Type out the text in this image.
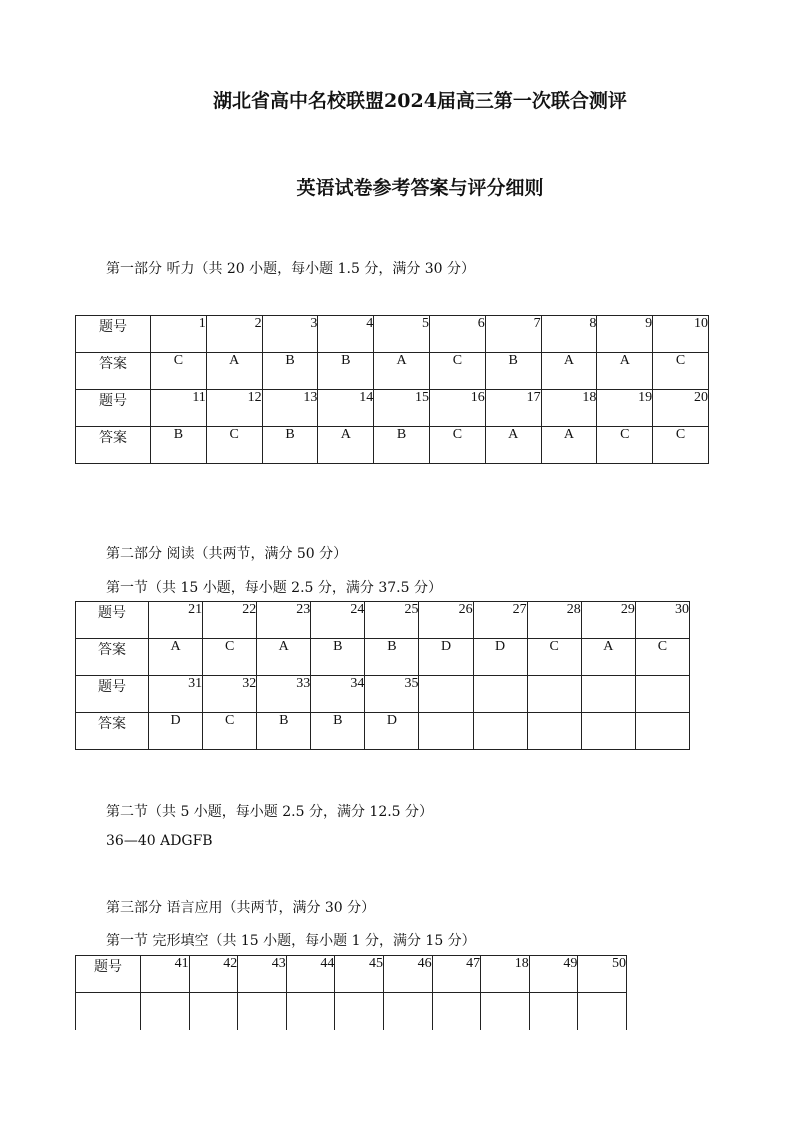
湖北省高中名校联盟2024届高三第一次联合测评
英语试卷参考答案与评分细则
第一部分 听力（共 20 小题，每小题 1.5 分，满分 30 分）
题号	1	2	3	4	5	6	7	8	9	10
答案	C	A	B	B	A	C	B	A	A	C
题号	11	12	13	14	15	16	17	18	19	20
答案	B	C	B	A	B	C	A	A	C	C
第二部分 阅读（共两节，满分 50 分）
第一节（共 15 小题，每小题 2.5 分，满分 37.5 分）
题号	21	22	23	24	25	26	27	28	29	30
答案	A	C	A	B	B	D	D	C	A	C
题号	31	32	33	34	35					
答案	D	C	B	B	D					
第二节（共 5 小题，每小题 2.5 分，满分 12.5 分）
36—40 ADGFB
第三部分 语言应用（共两节，满分 30 分）
第一节 完形填空（共 15 小题，每小题 1 分，满分 15 分）
题号	41	42	43	44	45	46	47	18	49	50
